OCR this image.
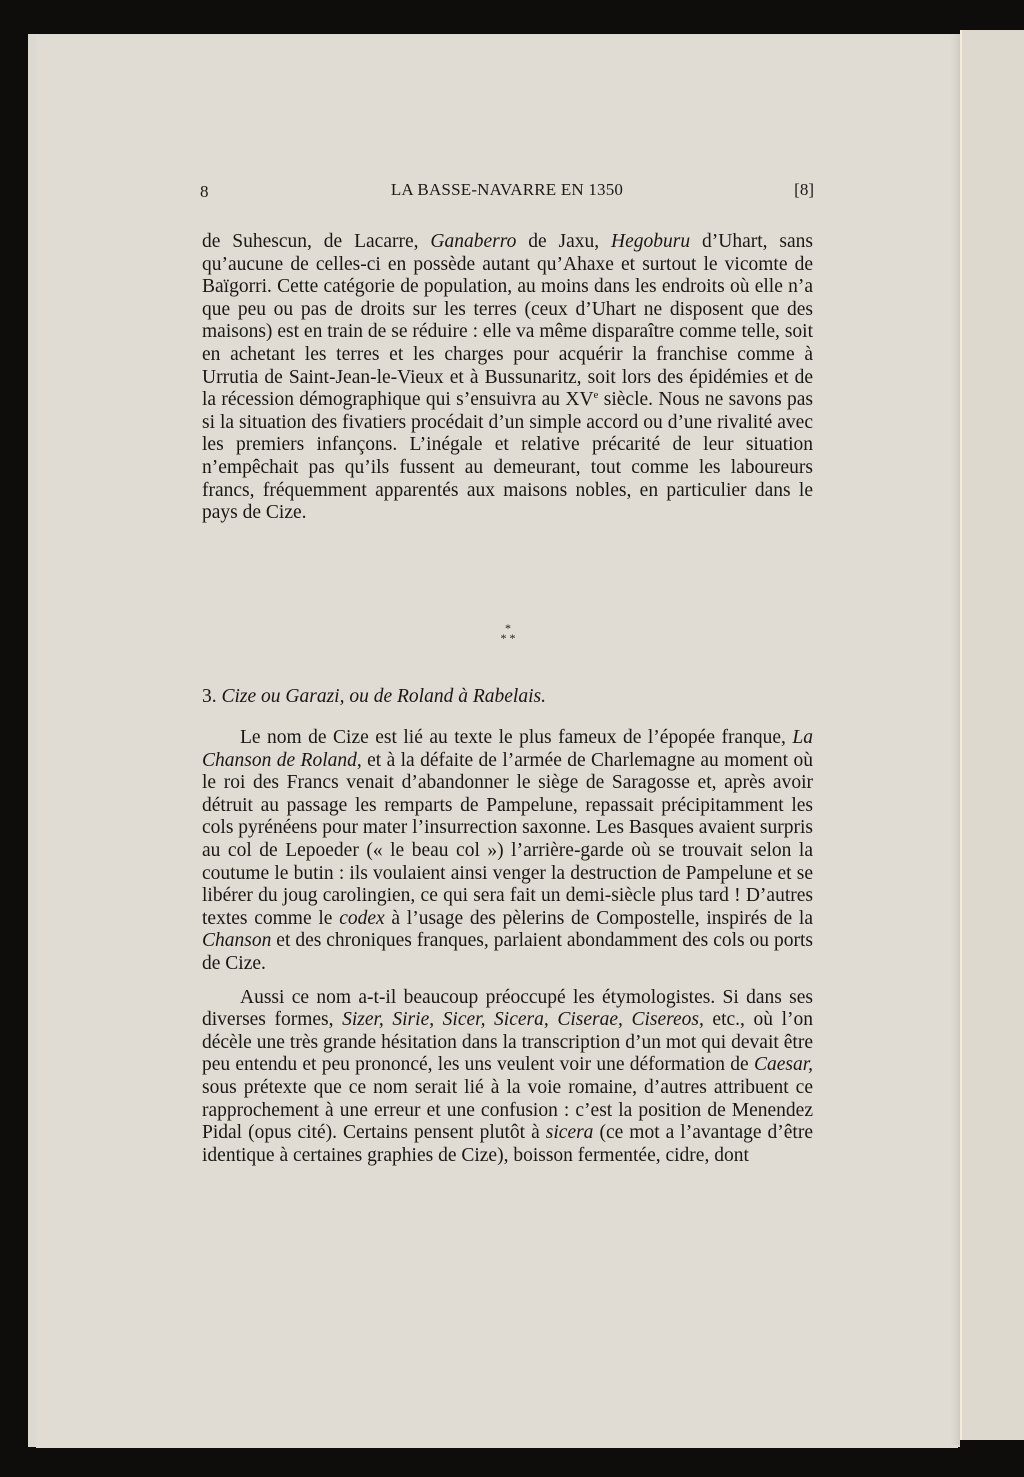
8	LA BASSE-NAVARRE EN 1350	[8]

de Suhescun, de Lacarre, Ganaberro de Jaxu, Hegoburu d’Uhart, sans qu’aucune de celles-ci en possède autant qu’Ahaxe et surtout le vicomte de Baïgorri. Cette catégorie de population, au moins dans les endroits où elle n’a que peu ou pas de droits sur les terres (ceux d’Uhart ne disposent que des maisons) est en train de se réduire : elle va même disparaître comme telle, soit en achetant les terres et les charges pour acquérir la franchise comme à Urrutia de Saint-Jean-le-Vieux et à Bussunaritz, soit lors des épidémies et de la récession démographique qui s’ensuivra au XVe siècle. Nous ne savons pas si la situation des fivatiers procédait d’un simple accord ou d’une rivalité avec les premiers infançons. L’inégale et relative précarité de leur situation n’empêchait pas qu’ils fussent au demeurant, tout comme les laboureurs francs, fréquemment apparentés aux maisons nobles, en particulier dans le pays de Cize.

*
* *
3. Cize ou Garazi, ou de Roland à Rabelais.

Le nom de Cize est lié au texte le plus fameux de l’épopée franque, La Chanson de Roland, et à la défaite de l’armée de Charlemagne au moment où le roi des Francs venait d’abandonner le siège de Saragosse et, après avoir détruit au passage les remparts de Pampelune, repassait précipitamment les cols pyrénéens pour mater l’insurrection saxonne. Les Basques avaient surpris au col de Lepoeder (« le beau col ») l’arrière-garde où se trouvait selon la coutume le butin : ils voulaient ainsi venger la destruction de Pampelune et se libérer du joug carolingien, ce qui sera fait un demi-siècle plus tard ! D’autres textes comme le codex à l’usage des pèlerins de Compostelle, inspirés de la Chanson et des chroniques franques, parlaient abondamment des cols ou ports de Cize.

Aussi ce nom a-t-il beaucoup préoccupé les étymologistes. Si dans ses diverses formes, Sizer, Sirie, Sicer, Sicera, Ciserae, Cisereos, etc., où l’on décèle une très grande hésitation dans la transcription d’un mot qui devait être peu entendu et peu prononcé, les uns veulent voir une déformation de Caesar, sous prétexte que ce nom serait lié à la voie romaine, d’autres attribuent ce rapprochement à une erreur et une confusion : c’est la position de Menendez Pidal (opus cité). Certains pensent plutôt à sicera (ce mot a l’avantage d’être identique à certaines graphies de Cize), boisson fermentée, cidre, dont
